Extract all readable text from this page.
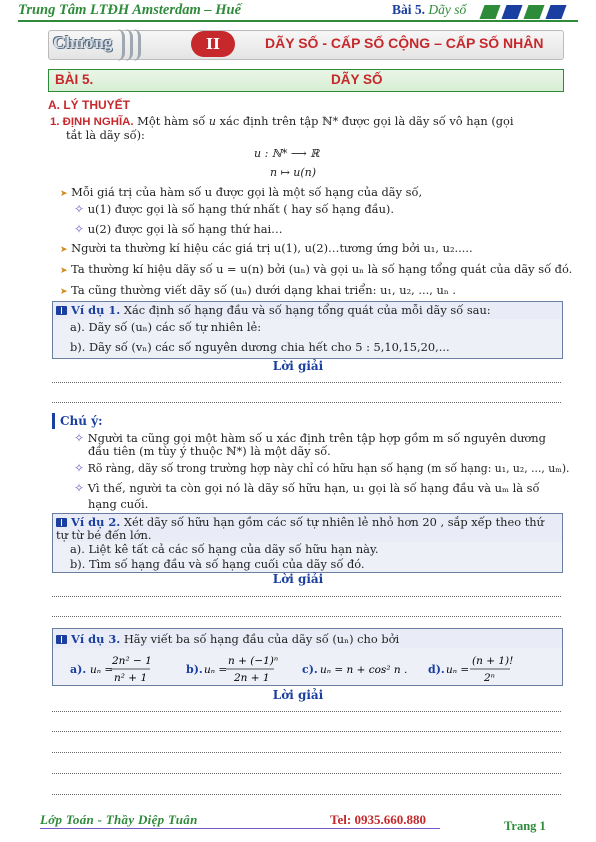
Trung Tâm LTĐH Amsterdam – Huế	Bài 5. Dãy số
Chương	II	DÃY SỐ - CẤP SỐ CỘNG – CẤP SỐ NHÂN
BÀI 5.	DÃY SỐ
A. LÝ THUYẾT
1. ĐỊNH NGHĨA. Một hàm số u xác định trên tập ℕ* được gọi là dãy số vô hạn (gọi
tắt là dãy số):
u : ℕ* ⟶ ℝ
n ↦ u(n)
➤ Mỗi giá trị của hàm số u được gọi là một số hạng của dãy số,
✧ u(1) được gọi là số hạng thứ nhất ( hay số hạng đầu).
✧ u(2) được gọi là số hạng thứ hai…
➤ Người ta thường kí hiệu các giá trị u(1), u(2)…tương ứng bởi u₁, u₂.....
➤ Ta thường kí hiệu dãy số u = u(n) bởi (uₙ) và gọi uₙ là số hạng tổng quát của dãy số đó.
➤ Ta cũng thường viết dãy số (uₙ) dưới dạng khai triển: u₁, u₂, ..., uₙ .
Ví dụ 1. Xác định số hạng đầu và số hạng tổng quát của mỗi dãy số sau:
a). Dãy số (uₙ) các số tự nhiên lẻ:
b). Dãy số (vₙ) các số nguyên dương chia hết cho 5 : 5,10,15,20,...
Lời giải
Chú ý:
✧ Người ta cũng gọi một hàm số u xác định trên tập hợp gồm m số nguyên dương
đầu tiên (m tùy ý thuộc ℕ*) là một dãy số.
✧ Rõ ràng, dãy số trong trường hợp này chỉ có hữu hạn số hạng (m số hạng: u₁, u₂, ..., uₘ).
✧ Vì thế, người ta còn gọi nó là dãy số hữu hạn, u₁ gọi là số hạng đầu và uₘ là số
hạng cuối.
Ví dụ 2. Xét dãy số hữu hạn gồm các số tự nhiên lẻ nhỏ hơn 20 , sắp xếp theo thứ
tự từ bé đến lớn.
a). Liệt kê tất cả các số hạng của dãy số hữu hạn này.
b). Tìm số hạng đầu và số hạng cuối của dãy số đó.
Lời giải
Ví dụ 3. Hãy viết ba số hạng đầu của dãy số (uₙ) cho bởi
a). uₙ =
2n² − 1
n² + 1
b). uₙ =
n + (−1)ⁿ
2n + 1
c). uₙ = n + cos² n . d). uₙ =
(n + 1)!
2ⁿ
Lời giải
Lớp Toán - Thầy Diệp Tuân	Tel: 0935.660.880	Trang 1
